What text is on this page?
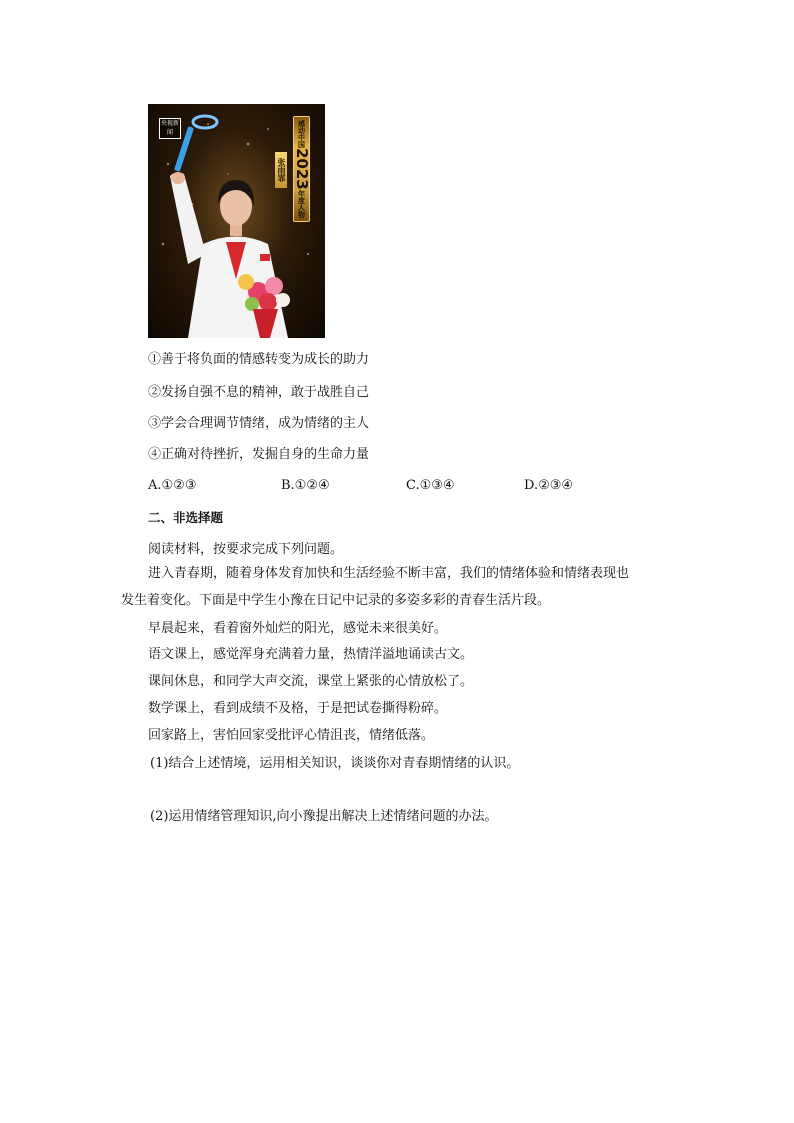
央视新闻
张雨霏
感动中国
2023
年度人物
①善于将负面的情感转变为成长的助力
②发扬自强不息的精神，敢于战胜自己
③学会合理调节情绪，成为情绪的主人
④正确对待挫折，发掘自身的生命力量
A.①②③	B.①②④	C.①③④	D.②③④
二、非选择题
阅读材料，按要求完成下列问题。
进入青春期，随着身体发育加快和生活经验不断丰富，我们的情绪体验和情绪表现也
发生着变化。下面是中学生小豫在日记中记录的多姿多彩的青春生活片段。
早晨起来，看着窗外灿烂的阳光，感觉未来很美好。
语文课上，感觉浑身充满着力量，热情洋溢地诵读古文。
课间休息，和同学大声交流，课堂上紧张的心情放松了。
数学课上，看到成绩不及格，于是把试卷撕得粉碎。
回家路上，害怕回家受批评心情沮丧，情绪低落。
(1)结合上述情境，运用相关知识，谈谈你对青春期情绪的认识。
(2)运用情绪管理知识,向小豫提出解决上述情绪问题的办法。
